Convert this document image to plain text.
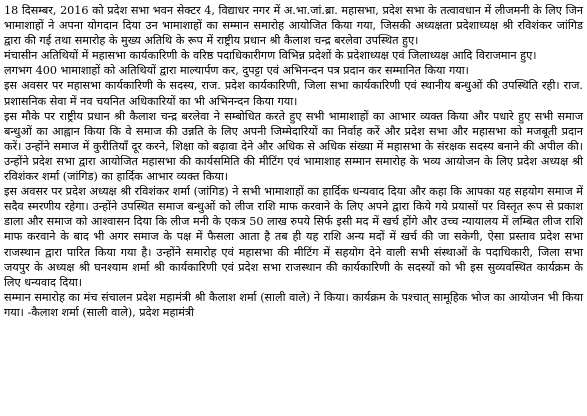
18 दिसम्बर, 2016 को प्रदेश सभा भवन सेक्टर 4, विद्याधर नगर में अ.भा.जां.ब्रा. महासभा, प्रदेश सभा के तत्वावधान में लीजमनी के लिए जिन भामाशाहों ने अपना योगदान दिया उन भामाशाहों का सम्मान समारोह आयोजित किया गया, जिसकी अध्यक्षता प्रदेशाध्यक्ष श्री रविशंकर जांगिड द्वारा की गई तथा समारोह के मुख्य अतिथि के रूप में राष्ट्रीय प्रधान श्री कैलाश चन्द्र बरलेवा उपस्थित हुए।

मंचासीन अतिथियों में महासभा कार्यकारिणी के वरिष्ठ पदाधिकारीगण विभिन्न प्रदेशों के प्रदेशाध्यक्ष एवं जिलाध्यक्ष आदि विराजमान हुए।

लगभग 400 भामाशाहों को अतिथियों द्वारा माल्यार्पण कर, दुपट्टा एवं अभिनन्दन पत्र प्रदान कर सम्मानित किया गया।

इस अवसर पर महासभा कार्यकारिणी के सदस्य, राज. प्रदेश कार्यकारिणी, जिला सभा कार्यकारिणी एवं स्थानीय बन्धुओं की उपस्थिति रही। राज. प्रशासनिक सेवा में नव चयनित अधिकारियों का भी अभिनन्दन किया गया।

इस मौके पर राष्ट्रीय प्रधान श्री कैलाश चन्द्र बरलेवा ने सम्बोधित करते हुए सभी भामाशाहों का आभार व्यक्त किया और पधारे हुए सभी समाज बन्धुओं का आह्वान किया कि वे समाज की उन्नति के लिए अपनी जिम्मेदारियों का निर्वाह करें और प्रदेश सभा और महासभा को मजबूती प्रदान करें। उन्होंने समाज में कुरीतियाँ दूर करने, शिक्षा को बढ़ावा देने और अधिक से अधिक संख्या में महासभा के संरक्षक सदस्य बनाने की अपील की। उन्होंने प्रदेश सभा द्वारा आयोजित महासभा की कार्यसमिति की मीटिंग एवं भामाशाह सम्मान समारोह के भव्य आयोजन के लिए प्रदेश अध्यक्ष श्री रविशंकर शर्मा (जांगिड) का हार्दिक आभार व्यक्त किया।

इस अवसर पर प्रदेश अध्यक्ष श्री रविशंकर शर्मा (जांगिड) ने सभी भामाशाहों का हार्दिक धन्यवाद दिया और कहा कि आपका यह सहयोग समाज में सदैव स्मरणीय रहेगा। उन्होंने उपस्थित समाज बन्धुओं को लीज राशि माफ करवाने के लिए अपने द्वारा किये गये प्रयासों पर विस्तृत रूप से प्रकाश डाला और समाज को आश्वासन दिया कि लीज मनी के एकत्र 50 लाख रुपये सिर्फ इसी मद में खर्च होंगे और उच्च न्यायालय में लम्बित लीज राशि माफ करवाने के बाद भी अगर समाज के पक्ष में फैसला आता है तब ही यह राशि अन्य मदों में खर्च की जा सकेगी, ऐसा प्रस्ताव प्रदेश सभा राजस्थान द्वारा पारित किया गया है। उन्होंने समारोह एवं महासभा की मीटिंग में सहयोग देने वाली सभी संस्थाओं के पदाधिकारी, जिला सभा जयपुर के अध्यक्ष श्री घनश्याम शर्मा श्री कार्यकारिणी एवं प्रदेश सभा राजस्थान की कार्यकारिणी के सदस्यों को भी इस सुव्यवस्थित कार्यक्रम के लिए धन्यवाद दिया।

सम्मान समारोह का मंच संचालन प्रदेश महामंत्री श्री कैलाश शर्मा (साली वाले) ने किया। कार्यक्रम के पश्चात् सामूहिक भोज का आयोजन भी किया गया। -कैलाश शर्मा (साली वाले), प्रदेश महामंत्री
